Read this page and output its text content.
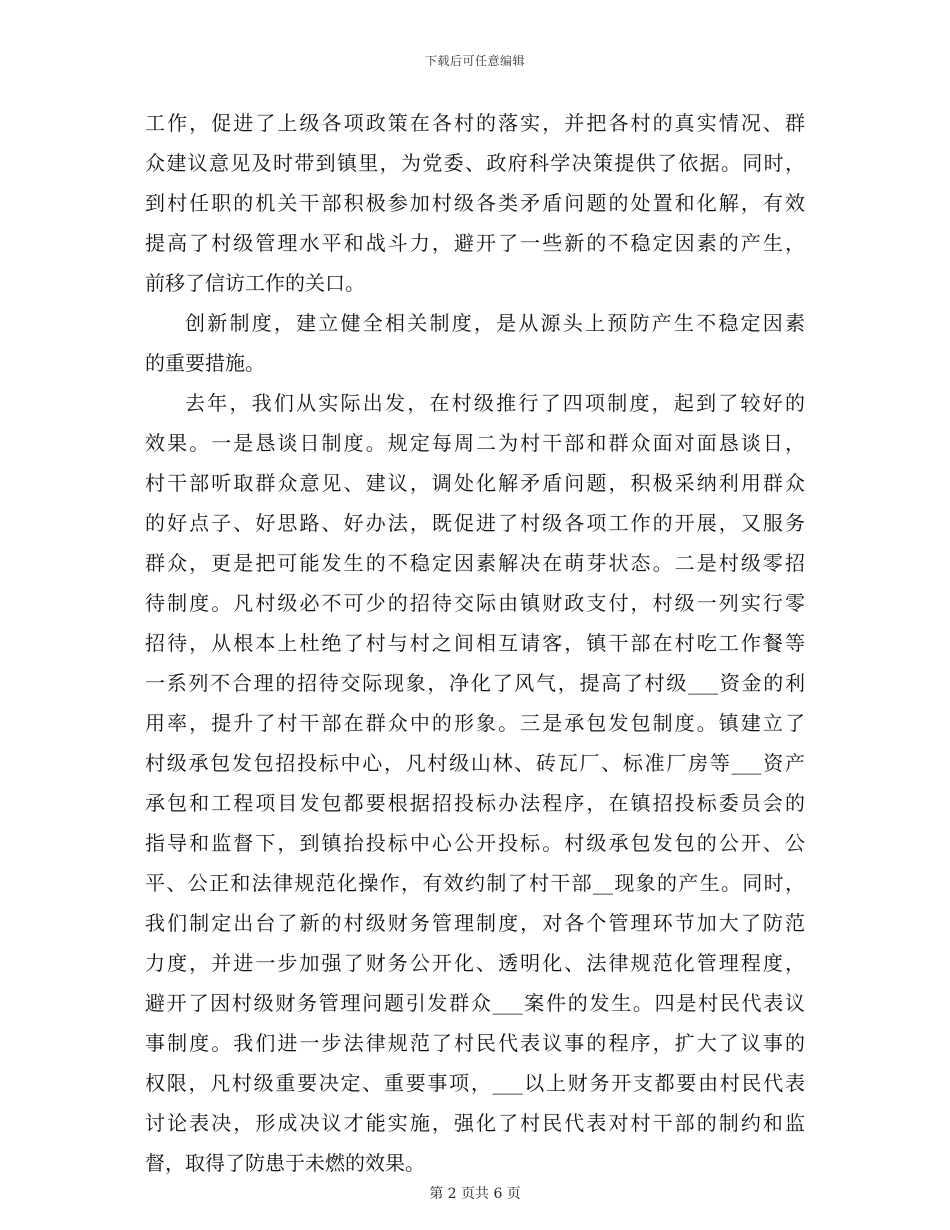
下载后可任意编辑
工作，促进了上级各项政策在各村的落实，并把各村的真实情况、群
众建议意见及时带到镇里，为党委、政府科学决策提供了依据。同时，
到村任职的机关干部积极参加村级各类矛盾问题的处置和化解，有效
提高了村级管理水平和战斗力，避开了一些新的不稳定因素的产生，
前移了信访工作的关口。
创新制度，建立健全相关制度，是从源头上预防产生不稳定因素
的重要措施。
去年，我们从实际出发，在村级推行了四项制度，起到了较好的
效果。一是恳谈日制度。规定每周二为村干部和群众面对面恳谈日，
村干部听取群众意见、建议，调处化解矛盾问题，积极采纳利用群众
的好点子、好思路、好办法，既促进了村级各项工作的开展，又服务
群众，更是把可能发生的不稳定因素解决在萌芽状态。二是村级零招
待制度。凡村级必不可少的招待交际由镇财政支付，村级一列实行零
招待，从根本上杜绝了村与村之间相互请客，镇干部在村吃工作餐等
一系列不合理的招待交际现象，净化了风气，提高了村级___资金的利
用率，提升了村干部在群众中的形象。三是承包发包制度。镇建立了
村级承包发包招投标中心，凡村级山林、砖瓦厂、标准厂房等___资产
承包和工程项目发包都要根据招投标办法程序，在镇招投标委员会的
指导和监督下，到镇抬投标中心公开投标。村级承包发包的公开、公
平、公正和法律规范化操作，有效约制了村干部__现象的产生。同时，
我们制定出台了新的村级财务管理制度，对各个管理环节加大了防范
力度，并进一步加强了财务公开化、透明化、法律规范化管理程度，
避开了因村级财务管理问题引发群众___案件的发生。四是村民代表议
事制度。我们进一步法律规范了村民代表议事的程序，扩大了议事的
权限，凡村级重要决定、重要事项，___以上财务开支都要由村民代表
讨论表决，形成决议才能实施，强化了村民代表对村干部的制约和监
督，取得了防患于未燃的效果。
第 2 页共 6 页
